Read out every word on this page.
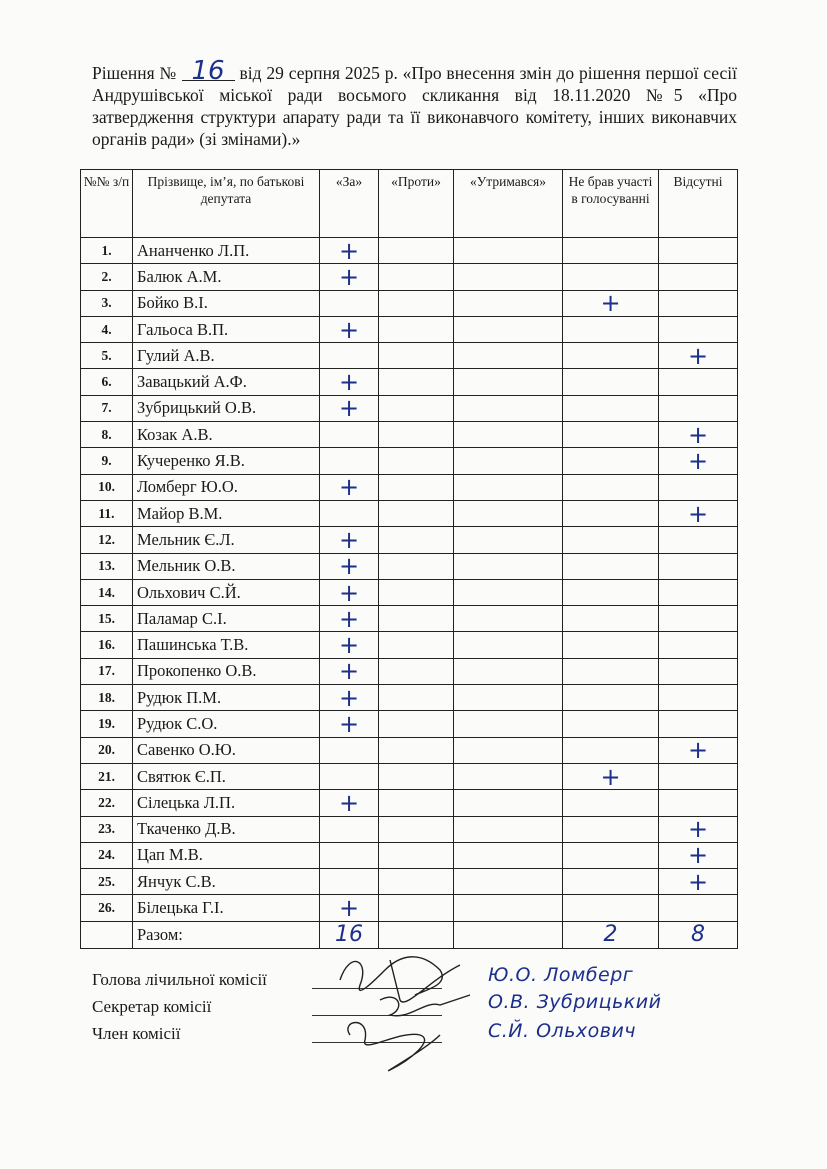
Рішення № 16 від 29 серпня 2025 р. «Про внесення змін до рішення першої сесії Андрушівської міської ради восьмого скликання від 18.11.2020 №5 «Про затвердження структури апарату ради та її виконавчого комітету, інших виконавчих органів ради» (зі змінами).»
№№ з/п	Прізвище, ім’я, по батькові депутата	«За»	«Проти»	«Утримався»	Не брав участі в голосуванні	Відсутні
1.	Ананченко Л.П.	+				
2.	Балюк А.М.	+				
3.	Бойко В.І.				+	
4.	Гальоса В.П.	+				
5.	Гулий А.В.					+
6.	Завацький А.Ф.	+				
7.	Зубрицький О.В.	+				
8.	Козак А.В.					+
9.	Кучеренко Я.В.					+
10.	Ломберг Ю.О.	+				
11.	Майор В.М.					+
12.	Мельник Є.Л.	+				
13.	Мельник О.В.	+				
14.	Ольхович С.Й.	+				
15.	Паламар С.І.	+				
16.	Пашинська Т.В.	+				
17.	Прокопенко О.В.	+				
18.	Рудюк П.М.	+				
19.	Рудюк С.О.	+				
20.	Савенко О.Ю.					+
21.	Святюк Є.П.				+	
22.	Сілецька Л.П.	+				
23.	Ткаченко Д.В.					+
24.	Цап М.В.					+
25.	Янчук С.В.					+
26.	Білецька Г.І.	+				
	Разом:	16			2	8
Голова лічильної комісії
Секретар комісії
Член комісії
Ю.О. Ломберг
О.В. Зубрицький
С.Й. Ольхович
